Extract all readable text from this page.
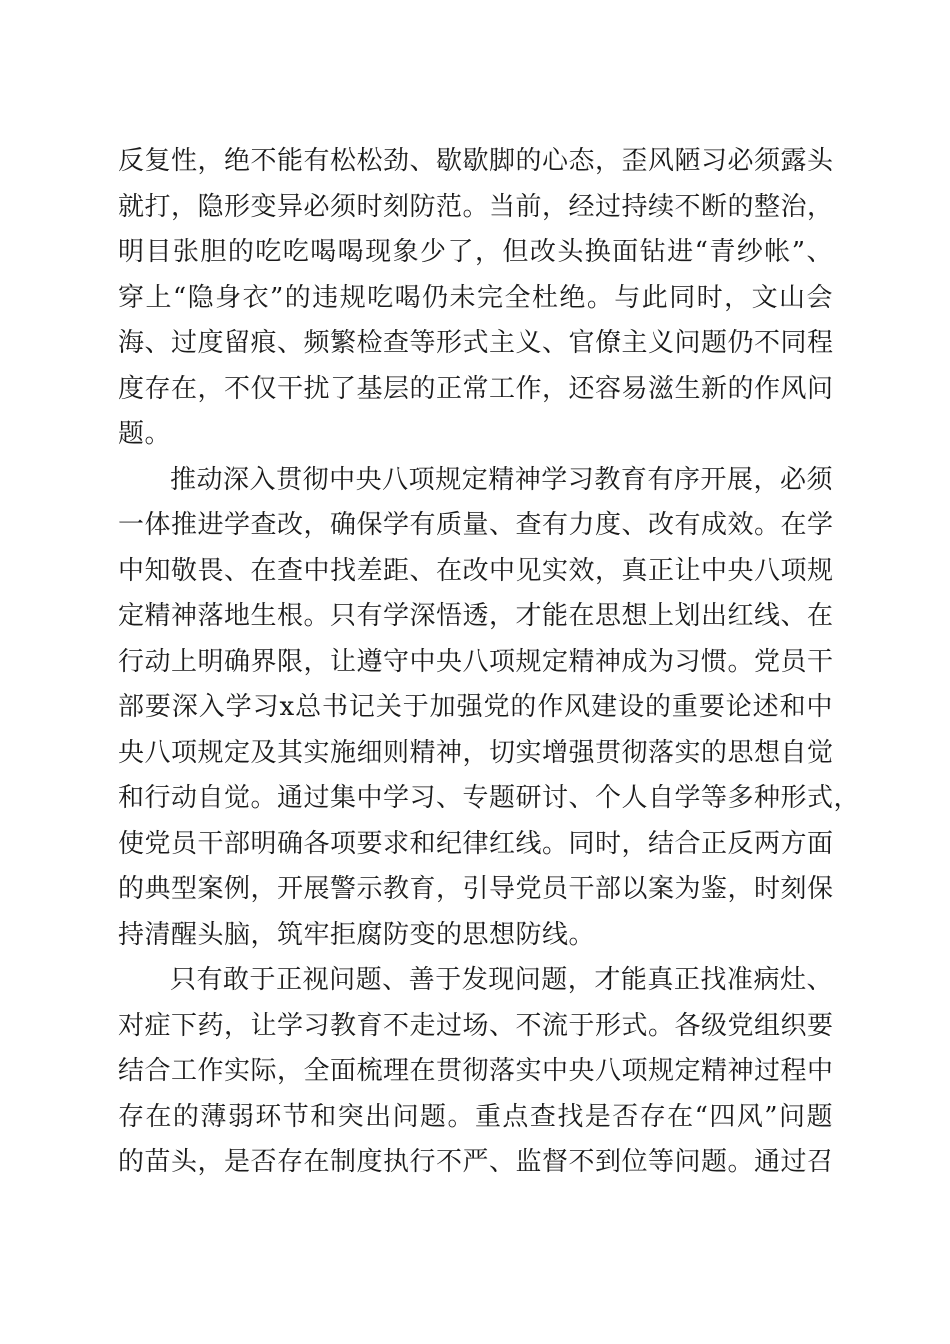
反复性，绝不能有松松劲、歇歇脚的心态，歪风陋习必须露头
就打，隐形变异必须时刻防范。当前，经过持续不断的整治，
明目张胆的吃吃喝喝现象少了，但改头换面钻进“青纱帐”、
穿上“隐身衣”的违规吃喝仍未完全杜绝。与此同时，文山会
海、过度留痕、频繁检查等形式主义、官僚主义问题仍不同程
度存在，不仅干扰了基层的正常工作，还容易滋生新的作风问
题。
推动深入贯彻中央八项规定精神学习教育有序开展，必须
一体推进学查改，确保学有质量、查有力度、改有成效。在学
中知敬畏、在查中找差距、在改中见实效，真正让中央八项规
定精神落地生根。只有学深悟透，才能在思想上划出红线、在
行动上明确界限，让遵守中央八项规定精神成为习惯。党员干
部要深入学习x总书记关于加强党的作风建设的重要论述和中
央八项规定及其实施细则精神，切实增强贯彻落实的思想自觉
和行动自觉。通过集中学习、专题研讨、个人自学等多种形式，
使党员干部明确各项要求和纪律红线。同时，结合正反两方面
的典型案例，开展警示教育，引导党员干部以案为鉴，时刻保
持清醒头脑，筑牢拒腐防变的思想防线。
只有敢于正视问题、善于发现问题，才能真正找准病灶、
对症下药，让学习教育不走过场、不流于形式。各级党组织要
结合工作实际，全面梳理在贯彻落实中央八项规定精神过程中
存在的薄弱环节和突出问题。重点查找是否存在“四风”问题
的苗头，是否存在制度执行不严、监督不到位等问题。通过召
